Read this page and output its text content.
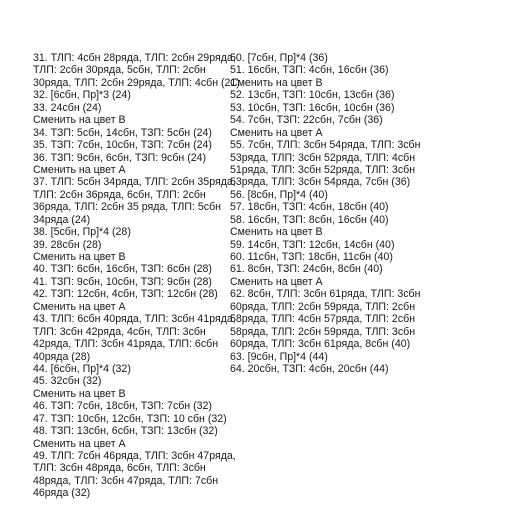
31. ТЛП: 4сбн 28ряда, ТЛП: 2сбн 29ряда,
ТЛП: 2сбн 30ряда, 5сбн, ТЛП: 2сбн
30ряда, ТЛП: 2сбн 29ряда, ТЛП: 4сбн (21)
32. [6сбн, Пр]*3 (24)
33. 24сбн (24)
Сменить на цвет В
34. ТЗП: 5сбн, 14сбн, ТЗП: 5сбн (24)
35. ТЗП: 7сбн, 10сбн, ТЗП: 7сбн (24)
36. ТЗП: 9сбн, 6сбн, ТЗП: 9сбн (24)
Сменить на цвет А
37. ТЛП: 5сбн 34ряда, ТЛП: 2сбн 35ряда,
ТЛП: 2сбн 36ряда, 6сбн, ТЛП: 2сбн
36ряда, ТЛП: 2сбн 35 ряда, ТЛП: 5сбн
34ряда (24)
38. [5сбн, Пр]*4 (28)
39. 28сбн (28)
Сменить на цвет В
40. ТЗП: 6сбн, 16сбн, ТЗП: 6сбн (28)
41. ТЗП: 9сбн, 10сбн, ТЗП: 9сбн (28)
42. ТЗП: 12сбн, 4сбн, ТЗП: 12сбн (28)
Сменить на цвет А
43. ТЛП: 6сбн 40ряда, ТЛП: 3сбн 41ряда,
ТЛП: 3сбн 42ряда, 4сбн, ТЛП: 3сбн
42ряда, ТЛП: 3сбн 41ряда, ТЛП: 6сбн
40ряда (28)
44. [6сбн, Пр]*4 (32)
45. 32сбн (32)
Сменить на цвет В
46. ТЗП: 7сбн, 18сбн, ТЗП: 7сбн (32)
47. ТЗП: 10сбн, 12сбн, ТЗП: 10 сбн (32)
48. ТЗП: 13сбн, 6сбн, ТЗП: 13сбн (32)
Сменить на цвет А
49. ТЛП: 7сбн 46ряда, ТЛП: 3сбн 47ряда,
ТЛП: 3сбн 48ряда, 6сбн, ТЛП: 3сбн
48ряда, ТЛП: 3сбн 47ряда, ТЛП: 7сбн
46ряда (32)
50. [7сбн, Пр]*4 (36)
51. 16сбн, ТЗП: 4сбн, 16сбн (36)
Сменить на цвет В
52. 13сбн, ТЗП: 10сбн, 13сбн (36)
53. 10сбн, ТЗП: 16сбн, 10сбн (36)
54. 7сбн, ТЗП: 22сбн, 7сбн (36)
Сменить на цвет А
55. 7сбн, ТЛП: 3сбн 54ряда, ТЛП: 3сбн
53ряда, ТЛП: 3сбн 52ряда, ТЛП: 4сбн
51ряда, ТЛП: 3сбн 52ряда, ТЛП: 3сбн
53ряда, ТЛП: 3сбн 54ряда, 7сбн (36)
56. [8сбн, Пр]*4 (40)
57. 18сбн, ТЗП: 4сбн, 18сбн (40)
58. 16сбн, ТЗП: 8сбн, 16сбн (40)
Сменить на цвет В
59. 14сбн, ТЗП: 12сбн, 14сбн (40)
60. 11сбн, ТЗП: 18сбн, 11сбн (40)
61. 8сбн, ТЗП: 24сбн, 8сбн (40)
Сменить на цвет А
62. 8сбн, ТЛП: 3сбн 61ряда, ТЛП: 3сбн
60ряда, ТЛП: 2сбн 59ряда, ТЛП: 2сбн
58ряда, ТЛП: 4сбн 57ряда, ТЛП: 2сбн
58ряда, ТЛП: 2сбн 59ряда, ТЛП: 3сбн
60ряда, ТЛП: 3сбн 61ряда, 8сбн (40)
63. [9сбн, Пр]*4 (44)
64. 20сбн, ТЗП: 4сбн, 20сбн (44)
